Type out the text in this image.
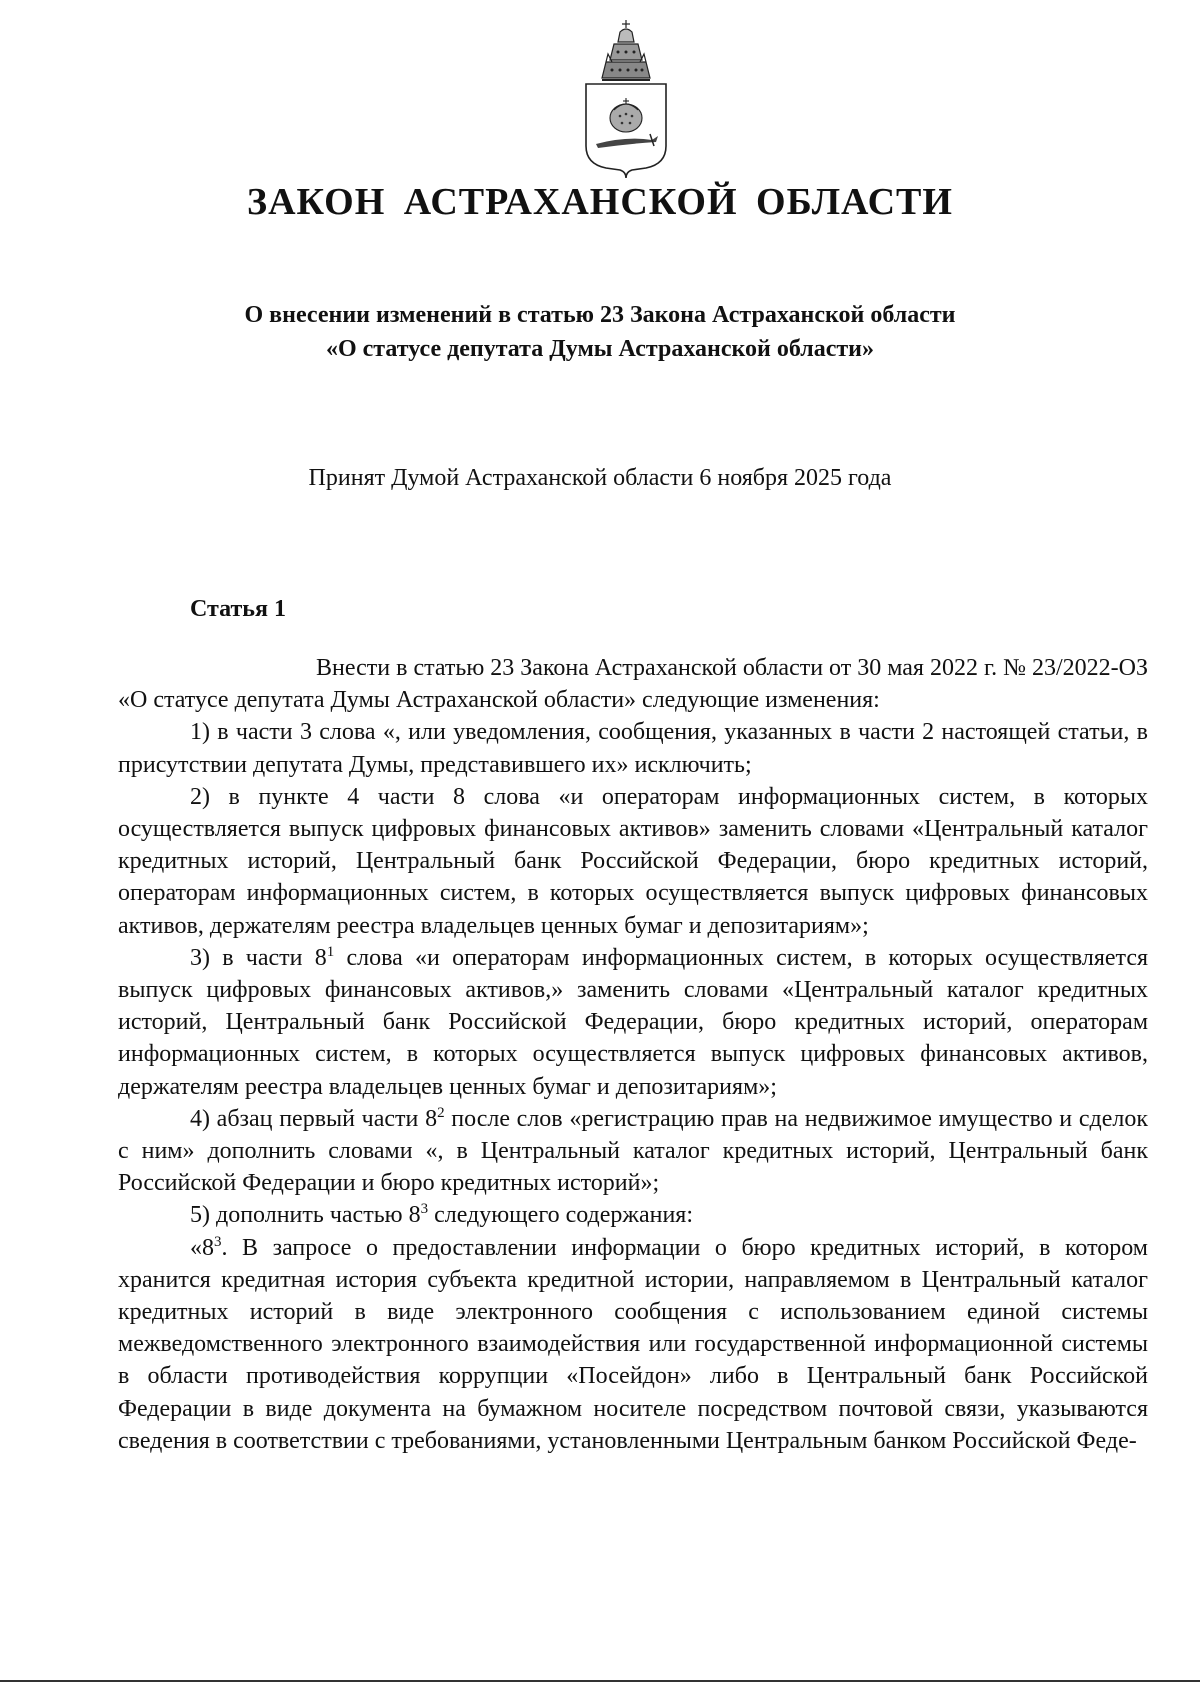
ЗАКОН АСТРАХАНСКОЙ ОБЛАСТИ
О внесении изменений в статью 23 Закона Астраханской области
«О статусе депутата Думы Астраханской области»

Принят Думой Астраханской области 6 ноября 2025 года

Статья 1

Внести в статью 23 Закона Астраханской области от 30 мая 2022 г. № 23/2022-ОЗ

«О статусе депутата Думы Астраханской области» следующие изменения:

1) в части 3 слова «, или уведомления, сообщения, указанных в части 2 настоящей статьи, в присутствии депутата Думы, представившего их» исключить;

2) в пункте 4 части 8 слова «и операторам информационных систем, в которых осуществляется выпуск цифровых финансовых активов» заменить словами «Центральный каталог кредитных историй, Центральный банк Российской Федерации, бюро кредитных историй, операторам информационных систем, в которых осуществляется выпуск цифровых финансовых активов, держателям реестра владельцев ценных бумаг и депозитариям»;

3) в части $8^1$ слова «и операторам информационных систем, в которых осуществляется выпуск цифровых финансовых активов,» заменить словами «Центральный каталог кредитных историй, Центральный банк Российской Федерации, бюро кредитных историй, операторам информационных систем, в которых осуществляется выпуск цифровых финансовых активов, держателям реестра владельцев ценных бумаг и депозитариям»;

4) абзац первый части $8^2$ после слов «регистрацию прав на недвижимое имущество и сделок с ним» дополнить словами «, в Центральный каталог кредитных историй, Центральный банк Российской Федерации и бюро кредитных историй»;

5) дополнить частью $8^3$ следующего содержания:

«$8^3$. В запросе о предоставлении информации о бюро кредитных историй, в котором хранится кредитная история субъекта кредитной истории, направляемом в Центральный каталог кредитных историй в виде электронного сообщения с использованием единой системы межведомственного электронного взаимодействия или государственной информационной системы в области противодействия коррупции «Посейдон» либо в Центральный банк Российской Федерации в виде документа на бумажном носителе посредством почтовой связи, указываются сведения в соответствии с требованиями, установленными Центральным банком Российской Феде-
